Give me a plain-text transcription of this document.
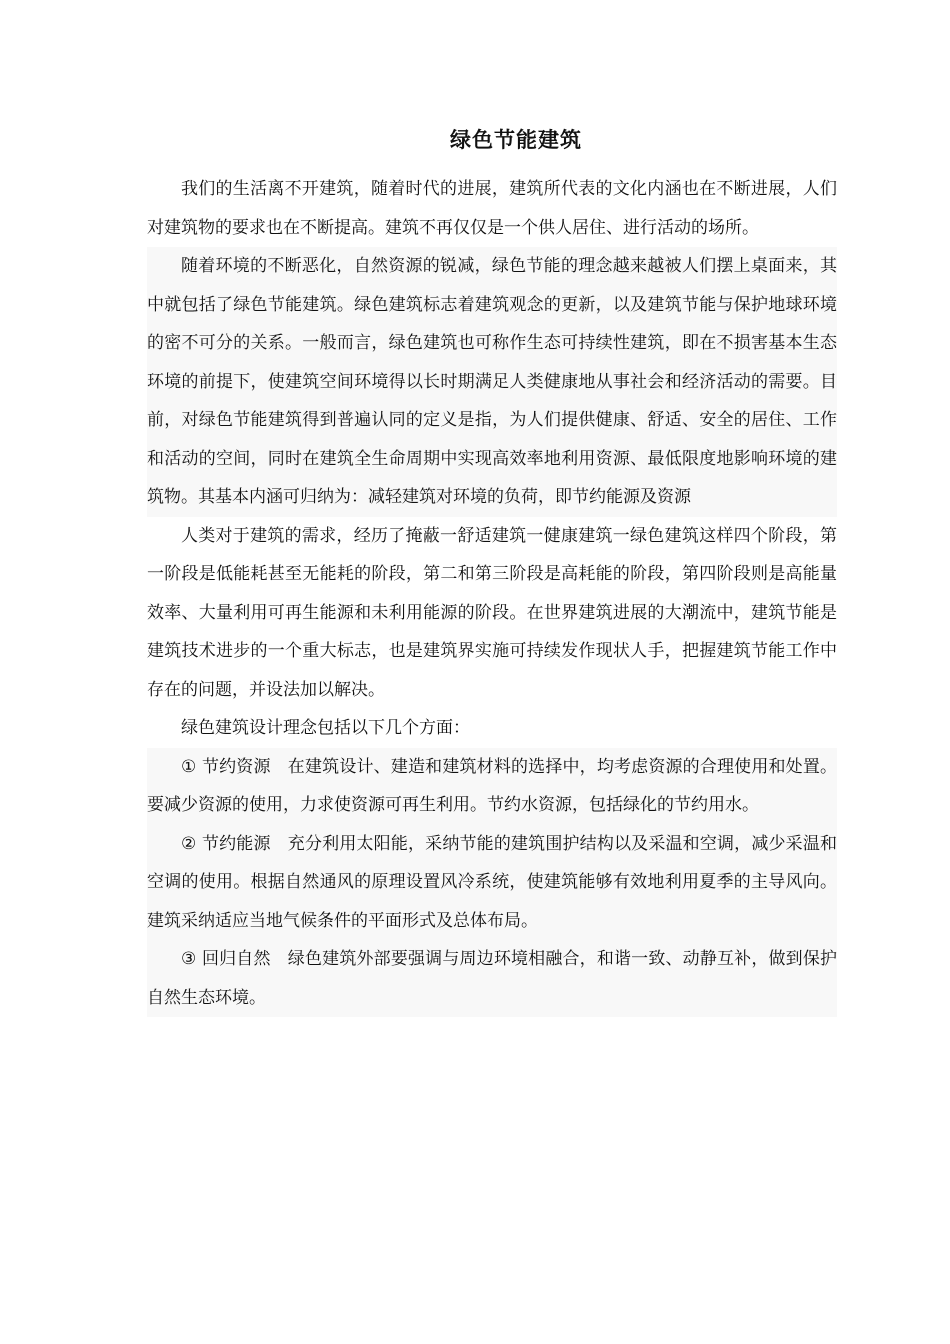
绿色节能建筑

我们的生活离不开建筑，随着时代的进展，建筑所代表的文化内涵也在不断进展，人们对建筑物的要求也在不断提高。建筑不再仅仅是一个供人居住、进行活动的场所。

随着环境的不断恶化，自然资源的锐减，绿色节能的理念越来越被人们摆上桌面来，其中就包括了绿色节能建筑。绿色建筑标志着建筑观念的更新，以及建筑节能与保护地球环境的密不可分的关系。一般而言，绿色建筑也可称作生态可持续性建筑，即在不损害基本生态环境的前提下，使建筑空间环境得以长时期满足人类健康地从事社会和经济活动的需要。目前，对绿色节能建筑得到普遍认同的定义是指，为人们提供健康、舒适、安全的居住、工作和活动的空间，同时在建筑全生命周期中实现高效率地利用资源、最低限度地影响环境的建筑物。其基本内涵可归纳为：减轻建筑对环境的负荷，即节约能源及资源

人类对于建筑的需求，经历了掩蔽一舒适建筑一健康建筑一绿色建筑这样四个阶段，第一阶段是低能耗甚至无能耗的阶段，第二和第三阶段是高耗能的阶段，第四阶段则是高能量效率、大量利用可再生能源和未利用能源的阶段。在世界建筑进展的大潮流中，建筑节能是建筑技术进步的一个重大标志，也是建筑界实施可持续发作现状人手，把握建筑节能工作中存在的问题，并设法加以解决。

绿色建筑设计理念包括以下几个方面：

① 节约资源　在建筑设计、建造和建筑材料的选择中，均考虑资源的合理使用和处置。要减少资源的使用，力求使资源可再生利用。节约水资源，包括绿化的节约用水。

② 节约能源　充分利用太阳能，采纳节能的建筑围护结构以及采温和空调，减少采温和空调的使用。根据自然通风的原理设置风冷系统，使建筑能够有效地利用夏季的主导风向。建筑采纳适应当地气候条件的平面形式及总体布局。

③ 回归自然　绿色建筑外部要强调与周边环境相融合，和谐一致、动静互补，做到保护自然生态环境。
